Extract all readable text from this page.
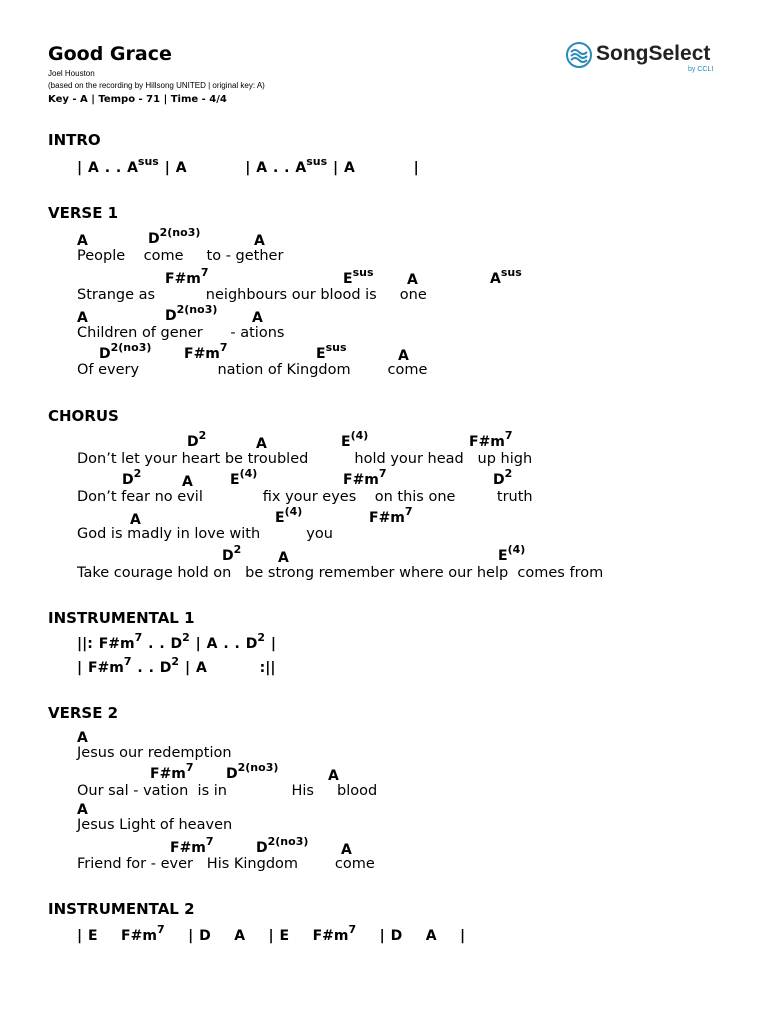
Good Grace
Joel Houston
(based on the recording by Hillsong UNITED | original key: A)
Key - A | Tempo - 71 | Time - 4/4

SongSelect

by CCLI

INTRO
| A . . $A^{sus}$ | A          | A . . $A^{sus}$ | A          |
VERSE 1
A	$D^{2(no3)}$
A
People    come     to - gether
$F\#m^7$	$E^{sus}$ A	$A^{sus}$
Strange as           neighbours our blood is     one
A	$D^{2(no3)}$
A
Children of gener      - ations
$D^{2(no3)}$ $F\#m^7$	$E^{sus}$
A
Of every                 nation of Kingdom        come
CHORUS
$D^2$
A	$E^{(4)}$	$F\#m^7$
Don’t let your heart be troubled          hold your head   up high
$D^2$
A	$E^{(4)}$	$F\#m^7$	$D^2$
Don’t fear no evil             fix your eyes    on this one         truth
A	$E^{(4)}$	$F\#m^7$
God is madly in love with          you
$D^2$
A	$E^{(4)}$
Take courage hold on   be strong remember where our help  comes from
INSTRUMENTAL 1
||: $F\#m^7$ . . $D^2$ | A . . $D^2$ |
| $F\#m^7$ . . $D^2$ | A         :||
VERSE 2
A
Jesus our redemption
$F\#m^7$ $D^{2(no3)}$
A
Our sal - vation  is in              His     blood
A
Jesus Light of heaven
$F\#m^7$	$D^{2(no3)}$
A
Friend for - ever   His Kingdom        come
INSTRUMENTAL 2
| E    $F\#m^7$    | D    A    | E    $F\#m^7$    | D    A    |
